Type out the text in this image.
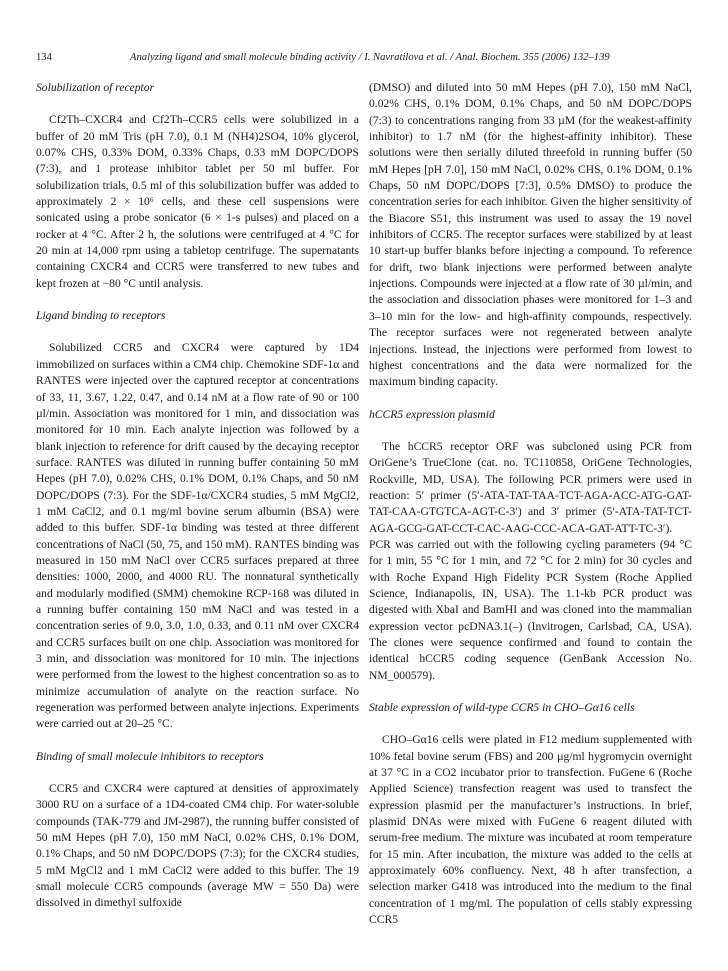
134	Analyzing ligand and small molecule binding activity / I. Navratilova et al. / Anal. Biochem. 355 (2006) 132–139
Solubilization of receptor

Cf2Th–CXCR4 and Cf2Th–CCR5 cells were solubilized in a buffer of 20 mM Tris (pH 7.0), 0.1 M (NH4)2SO4, 10% glycerol, 0.07% CHS, 0.33% DOM, 0.33% Chaps, 0.33 mM DOPC/DOPS (7:3), and 1 protease inhibitor tablet per 50 ml buffer. For solubilization trials, 0.5 ml of this solubilization buffer was added to approximately 2 × 10⁶ cells, and these cell suspensions were sonicated using a probe sonicator (6 × 1-s pulses) and placed on a rocker at 4 °C. After 2 h, the solutions were centrifuged at 4 °C for 20 min at 14,000 rpm using a tabletop centrifuge. The supernatants containing CXCR4 and CCR5 were transferred to new tubes and kept frozen at −80 °C until analysis.

Ligand binding to receptors

Solubilized CCR5 and CXCR4 were captured by 1D4 immobilized on surfaces within a CM4 chip. Chemokine SDF-1α and RANTES were injected over the captured receptor at concentrations of 33, 11, 3.67, 1.22, 0.47, and 0.14 nM at a flow rate of 90 or 100 µl/min. Association was monitored for 1 min, and dissociation was monitored for 10 min. Each analyte injection was followed by a blank injection to reference for drift caused by the decaying receptor surface. RANTES was diluted in running buffer containing 50 mM Hepes (pH 7.0), 0.02% CHS, 0.1% DOM, 0.1% Chaps, and 50 nM DOPC/DOPS (7:3). For the SDF-1α/CXCR4 studies, 5 mM MgCl2, 1 mM CaCl2, and 0.1 mg/ml bovine serum albumin (BSA) were added to this buffer. SDF-1α binding was tested at three different concentrations of NaCl (50, 75, and 150 mM). RANTES binding was measured in 150 mM NaCl over CCR5 surfaces prepared at three densities: 1000, 2000, and 4000 RU. The nonnatural synthetically and modularly modified (SMM) chemokine RCP-168 was diluted in a running buffer containing 150 mM NaCl and was tested in a concentration series of 9.0, 3.0, 1.0, 0.33, and 0.11 nM over CXCR4 and CCR5 surfaces built on one chip. Association was monitored for 3 min, and dissociation was monitored for 10 min. The injections were performed from the lowest to the highest concentration so as to minimize accumulation of analyte on the reaction surface. No regeneration was performed between analyte injections. Experiments were carried out at 20–25 °C.

Binding of small molecule inhibitors to receptors

CCR5 and CXCR4 were captured at densities of approximately 3000 RU on a surface of a 1D4-coated CM4 chip. For water-soluble compounds (TAK-779 and JM-2987), the running buffer consisted of 50 mM Hepes (pH 7.0), 150 mM NaCl, 0.02% CHS, 0.1% DOM, 0.1% Chaps, and 50 nM DOPC/DOPS (7:3); for the CXCR4 studies, 5 mM MgCl2 and 1 mM CaCl2 were added to this buffer. The 19 small molecule CCR5 compounds (average MW = 550 Da) were dissolved in dimethyl sulfoxide

(DMSO) and diluted into 50 mM Hepes (pH 7.0), 150 mM NaCl, 0.02% CHS, 0.1% DOM, 0.1% Chaps, and 50 nM DOPC/DOPS (7:3) to concentrations ranging from 33 µM (for the weakest-affinity inhibitor) to 1.7 nM (for the highest-affinity inhibitor). These solutions were then serially diluted threefold in running buffer (50 mM Hepes [pH 7.0], 150 mM NaCl, 0.02% CHS, 0.1% DOM, 0.1% Chaps, 50 nM DOPC/DOPS [7:3], 0.5% DMSO) to produce the concentration series for each inhibitor. Given the higher sensitivity of the Biacore S51, this instrument was used to assay the 19 novel inhibitors of CCR5. The receptor surfaces were stabilized by at least 10 start-up buffer blanks before injecting a compound. To reference for drift, two blank injections were performed between analyte injections. Compounds were injected at a flow rate of 30 µl/min, and the association and dissociation phases were monitored for 1–3 and 3–10 min for the low- and high-affinity compounds, respectively. The receptor surfaces were not regenerated between analyte injections. Instead, the injections were performed from lowest to highest concentrations and the data were normalized for the maximum binding capacity.

hCCR5 expression plasmid

The hCCR5 receptor ORF was subcloned using PCR from OriGene’s TrueClone (cat. no. TC110858, OriGene Technologies, Rockville, MD, USA). The following PCR primers were used in reaction: 5′ primer (5′-ATA-TAT-TAA-TCT-AGA-ACC-ATG-GAT-TAT-CAA-GTGTCA-AGT-C-3′) and 3′ primer (5′-ATA-TAT-TCT-AGA-GCG-GAT-CCT-CAC-AAG-CCC-ACA-GAT-ATT-TC-3′). PCR was carried out with the following cycling parameters (94 °C for 1 min, 55 °C for 1 min, and 72 °C for 2 min) for 30 cycles and with Roche Expand High Fidelity PCR System (Roche Applied Science, Indianapolis, IN, USA). The 1.1-kb PCR product was digested with XbaI and BamHI and was cloned into the mammalian expression vector pcDNA3.1(–) (Invitrogen, Carlsbad, CA, USA). The clones were sequence confirmed and found to contain the identical hCCR5 coding sequence (GenBank Accession No. NM_000579).

Stable expression of wild-type CCR5 in CHO–Gα16 cells

CHO–Gα16 cells were plated in F12 medium supplemented with 10% fetal bovine serum (FBS) and 200 µg/ml hygromycin overnight at 37 °C in a CO2 incubator prior to transfection. FuGene 6 (Roche Applied Science) transfection reagent was used to transfect the expression plasmid per the manufacturer’s instructions. In brief, plasmid DNAs were mixed with FuGene 6 reagent diluted with serum-free medium. The mixture was incubated at room temperature for 15 min. After incubation, the mixture was added to the cells at approximately 60% confluency. Next, 48 h after transfection, a selection marker G418 was introduced into the medium to the final concentration of 1 mg/ml. The population of cells stably expressing CCR5
